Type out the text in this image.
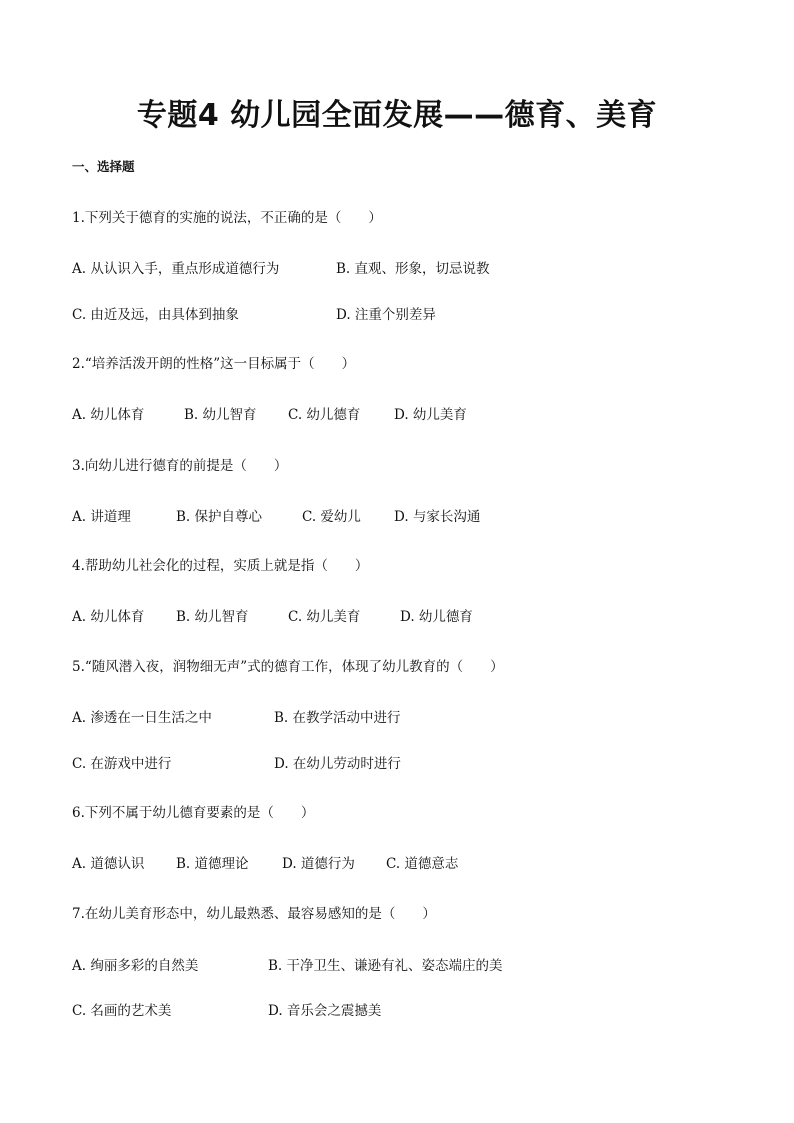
专题4 幼儿园全面发展——德育、美育
一、选择题
1.下列关于德育的实施的说法，不正确的是（　　）
A. 从认识入手，重点形成道德行为	B. 直观、形象，切忌说教
C. 由近及远，由具体到抽象	D. 注重个别差异
2.“培养活泼开朗的性格”这一目标属于（　　）
A. 幼儿体育	B. 幼儿智育 C. 幼儿德育 D. 幼儿美育
3.向幼儿进行德育的前提是（　　）
A. 讲道理	B. 保护自尊心	C. 爱幼儿 D. 与家长沟通
4.帮助幼儿社会化的过程，实质上就是指（　　）
A. 幼儿体育 B. 幼儿智育	C. 幼儿美育	D. 幼儿德育
5.“随风潜入夜，润物细无声”式的德育工作，体现了幼儿教育的（　　）
A. 渗透在一日生活之中	B. 在教学活动中进行
C. 在游戏中进行	D. 在幼儿劳动时进行
6.下列不属于幼儿德育要素的是（　　）
A. 道德认识 B. 道德理论 D. 道德行为 C. 道德意志
7.在幼儿美育形态中，幼儿最熟悉、最容易感知的是（　　）
A. 绚丽多彩的自然美	B. 干净卫生、谦逊有礼、姿态端庄的美
C. 名画的艺术美	D. 音乐会之震撼美
